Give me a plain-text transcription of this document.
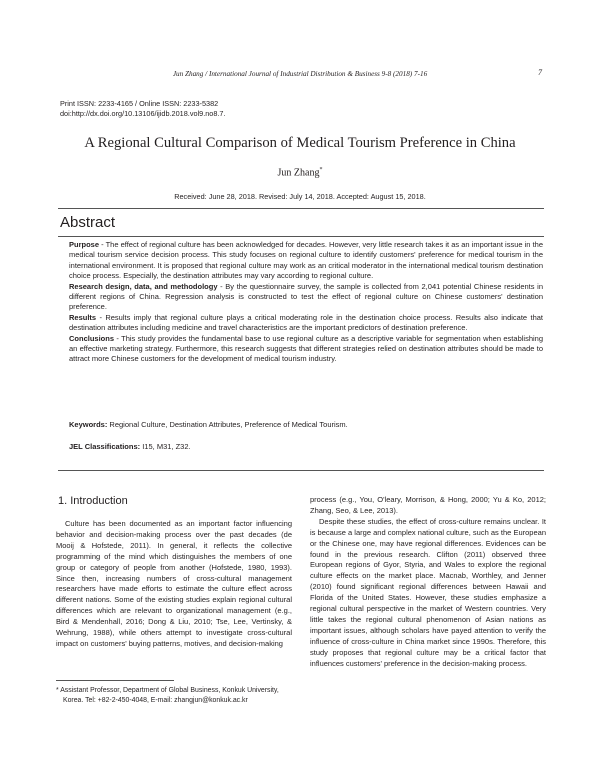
Jun Zhang / International Journal of Industrial Distribution & Business 9-8 (2018) 7-16	7
Print ISSN: 2233-4165 / Online ISSN: 2233-5382
doi:http://dx.doi.org/10.13106/ijidb.2018.vol9.no8.7.
A Regional Cultural Comparison of Medical Tourism Preference in China
Jun Zhang*
Received: June 28, 2018. Revised: July 14, 2018. Accepted: August 15, 2018.
Abstract

Purpose - The effect of regional culture has been acknowledged for decades. However, very little research takes it as an important issue in the medical tourism service decision process. This study focuses on regional culture to identify customers' preference for medical tourism in the international environment. It is proposed that regional culture may work as an critical moderator in the international medical tourism destination choice process. Especially, the destination attributes may vary according to regional culture.

Research design, data, and methodology - By the questionnaire survey, the sample is collected from 2,041 potential Chinese residents in different regions of China. Regression analysis is constructed to test the effect of regional culture on Chinese customers' destination preference.

Results - Results imply that regional culture plays a critical moderating role in the destination choice process. Results also indicate that destination attributes including medicine and travel characteristics are the important predictors of destination preference.

Conclusions - This study provides the fundamental base to use regional culture as a descriptive variable for segmentation when establishing an effective marketing strategy. Furthermore, this research suggests that different strategies relied on destination attributes should be made to attract more Chinese customers for the development of medical tourism industry.

Keywords: Regional Culture, Destination Attributes, Preference of Medical Tourism.
JEL Classifications: I15, M31, Z32.
1. Introduction

Culture has been documented as an important factor influencing behavior and decision-making process over the past decades (de Mooij & Hofstede, 2011). In general, it reflects the collective programming of the mind which distinguishes the members of one group or category of people from another (Hofstede, 1980, 1993). Since then, increasing numbers of cross-cultural management researchers have made efforts to estimate the culture effect across different nations. Some of the existing studies explain regional cultural differences which are relevant to organizational management (e.g., Bird & Mendenhall, 2016; Dong & Liu, 2010; Tse, Lee, Vertinsky, & Wehrung, 1988), while others attempt to investigate cross-cultural impact on customers' buying patterns, motives, and decision-making

process (e.g., You, O'leary, Morrison, & Hong, 2000; Yu & Ko, 2012; Zhang, Seo, & Lee, 2013).

Despite these studies, the effect of cross-culture remains unclear. It is because a large and complex national culture, such as the European or the Chinese one, may have regional differences. Evidences can be found in the previous research. Clifton (2011) observed three European regions of Gyor, Styria, and Wales to explore the regional culture effects on the market place. Macnab, Worthley, and Jenner (2010) found significant regional differences between Hawaii and Florida of the United States. However, these studies emphasize a regional cultural perspective in the market of Western countries. Very little takes the regional cultural phenomenon of Asian nations as important issues, although scholars have payed attention to verify the influence of cross-culture in China market since 1990s. Therefore, this study proposes that regional culture may be a critical factor that influences customers' preference in the decision-making process.

* Assistant Professor, Department of Global Business, Konkuk University,
Korea. Tel: +82-2-450-4048, E-mail: zhangjun@konkuk.ac.kr
